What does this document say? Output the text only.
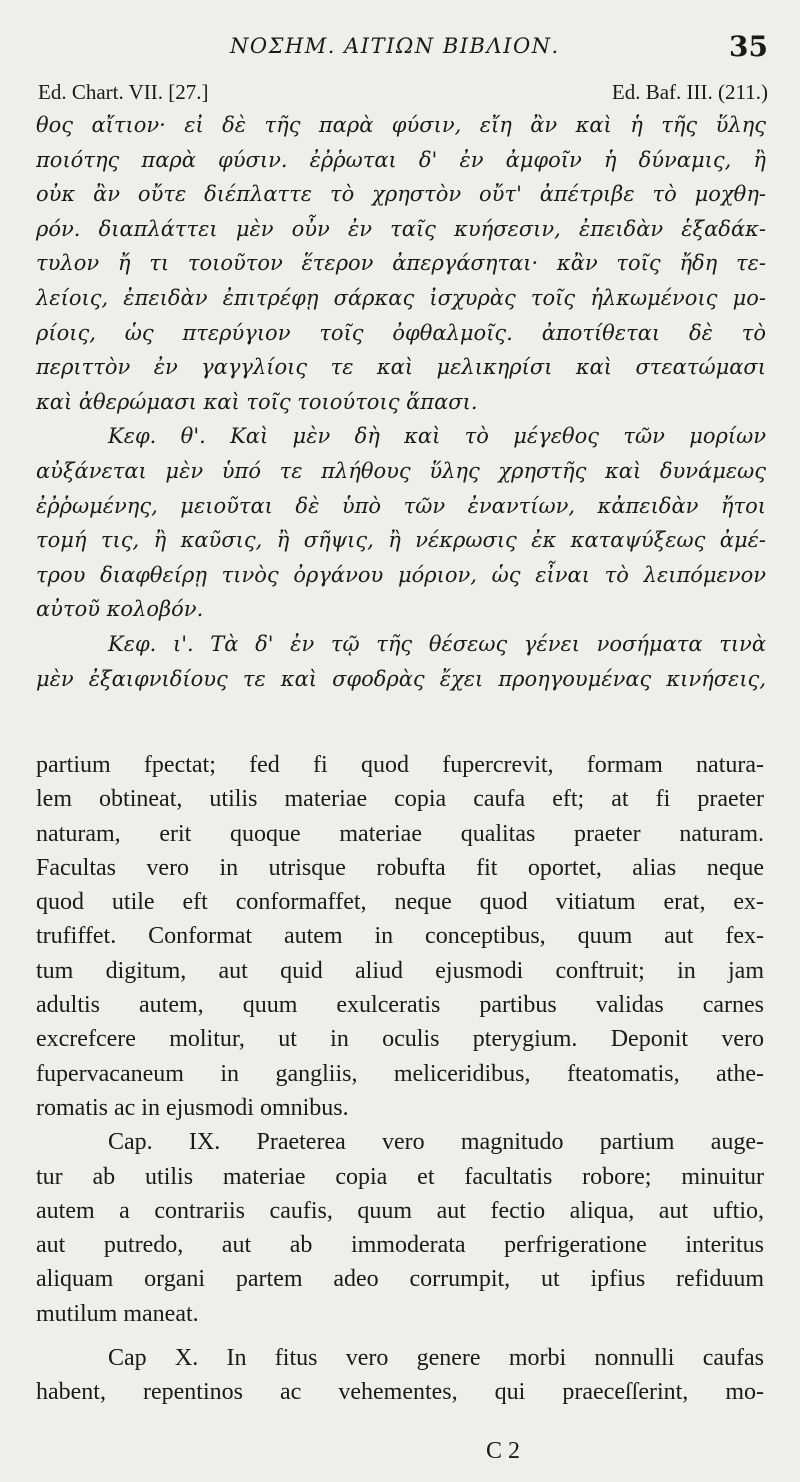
ΝΟΣΗΜ. ΑΙΤΙΩΝ ΒΙΒΛΙΟΝ.	35
Ed. Chart. VII. [27.]	Ed. Baf. III. (211.)
θος αἴτιον· εἰ δὲ τῆς παρὰ φύσιν, εἴη ἂν καὶ ἡ τῆς ὕλης
ποιότης παρὰ φύσιν. ἐῤῥωται δ' ἐν ἀμφοῖν ἡ δύναμις, ἢ
οὐκ ἂν οὔτε διέπλαττε τὸ χρηστὸν οὔτ' ἀπέτριβε τὸ μοχθη-
ρόν. διαπλάττει μὲν οὖν ἐν ταῖς κυήσεσιν, ἐπειδὰν ἑξαδάκ-
τυλον ἤ τι τοιοῦτον ἕτερον ἀπεργάσηται· κἂν τοῖς ἤδη τε-
λείοις, ἐπειδὰν ἐπιτρέφῃ σάρκας ἰσχυρὰς τοῖς ἡλκωμένοις μο-
ρίοις, ὡς πτερύγιον τοῖς ὀφθαλμοῖς. ἀποτίθεται δὲ τὸ
περιττὸν ἐν γαγγλίοις τε καὶ μελικηρίσι καὶ στεατώμασι
καὶ ἀθερώμασι καὶ τοῖς τοιούτοις ἅπασι.
Κεφ. θ'. Καὶ μὲν δὴ καὶ τὸ μέγεθος τῶν μορίων
αὐξάνεται μὲν ὑπό τε πλήθους ὕλης χρηστῆς καὶ δυνάμεως
ἐῤῥωμένης, μειοῦται δὲ ὑπὸ τῶν ἐναντίων, κἀπειδὰν ἤτοι
τομή τις, ἢ καῦσις, ἢ σῆψις, ἢ νέκρωσις ἐκ καταψύξεως ἀμέ-
τρου διαφθείρῃ τινὸς ὀργάνου μόριον, ὡς εἶναι τὸ λειπόμενον
αὐτοῦ κολοβόν.
Κεφ. ι'. Τὰ δ' ἐν τῷ τῆς θέσεως γένει νοσήματα τινὰ
μὲν ἐξαιφνιδίους τε καὶ σφοδρὰς ἔχει προηγουμένας κινήσεις,
partium fpectat; fed fi quod fupercrevit, formam natura-
lem obtineat, utilis materiae copia caufa eft; at fi praeter
naturam, erit quoque materiae qualitas praeter naturam.
Facultas vero in utrisque robufta fit oportet, alias neque
quod utile eft conformaffet, neque quod vitiatum erat, ex-
trufiffet. Conformat autem in conceptibus, quum aut fex-
tum digitum, aut quid aliud ejusmodi conftruit; in jam
adultis autem, quum exulceratis partibus validas carnes
excrefcere molitur, ut in oculis pterygium. Deponit vero
fupervacaneum in gangliis, meliceridibus, fteatomatis, athe-
romatis ac in ejusmodi omnibus.
Cap. IX. Praeterea vero magnitudo partium auge-
tur ab utilis materiae copia et facultatis robore; minuitur
autem a contrariis caufis, quum aut fectio aliqua, aut uftio,
aut putredo, aut ab immoderata perfrigeratione interitus
aliquam organi partem adeo corrumpit, ut ipfius refiduum
mutilum maneat.
Cap X. In fitus vero genere morbi nonnulli caufas
habent, repentinos ac vehementes, qui praeceſſerint, mo-
C 2
